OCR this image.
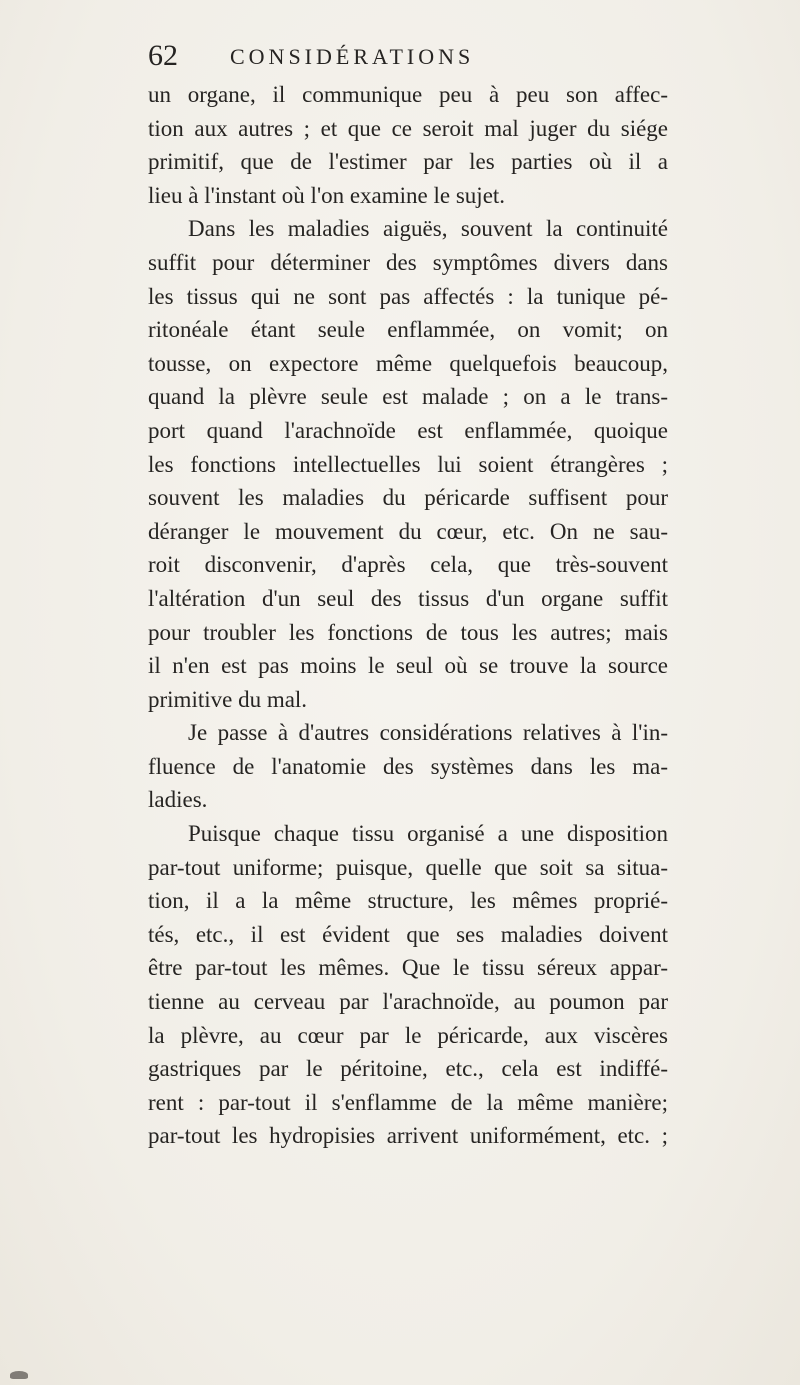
62 CONSIDÉRATIONS
un organe, il communique peu à peu son affec-
tion aux autres ; et que ce seroit mal juger du siége
primitif, que de l'estimer par les parties où il a
lieu à l'instant où l'on examine le sujet.
Dans les maladies aiguës, souvent la continuité
suffit pour déterminer des symptômes divers dans
les tissus qui ne sont pas affectés : la tunique pé-
ritonéale étant seule enflammée, on vomit; on
tousse, on expectore même quelquefois beaucoup,
quand la plèvre seule est malade ; on a le trans-
port quand l'arachnoïde est enflammée, quoique
les fonctions intellectuelles lui soient étrangères ;
souvent les maladies du péricarde suffisent pour
déranger le mouvement du cœur, etc. On ne sau-
roit disconvenir, d'après cela, que très-souvent
l'altération d'un seul des tissus d'un organe suffit
pour troubler les fonctions de tous les autres; mais
il n'en est pas moins le seul où se trouve la source
primitive du mal.
Je passe à d'autres considérations relatives à l'in-
fluence de l'anatomie des systèmes dans les ma-
ladies.
Puisque chaque tissu organisé a une disposition
par-tout uniforme; puisque, quelle que soit sa situa-
tion, il a la même structure, les mêmes proprié-
tés, etc., il est évident que ses maladies doivent
être par-tout les mêmes. Que le tissu séreux appar-
tienne au cerveau par l'arachnoïde, au poumon par
la plèvre, au cœur par le péricarde, aux viscères
gastriques par le péritoine, etc., cela est indiffé-
rent : par-tout il s'enflamme de la même manière;
par-tout les hydropisies arrivent uniformément, etc. ;
